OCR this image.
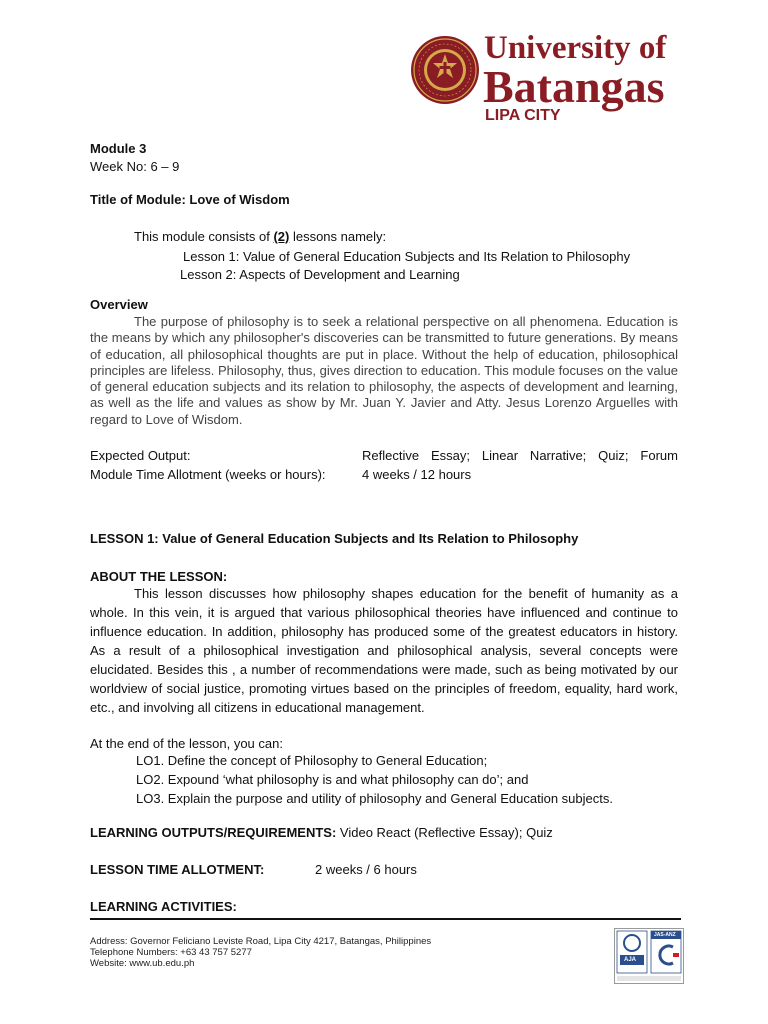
University of
Batangas
LIPA CITY
Module 3
Week No: 6 – 9
Title of Module: Love of Wisdom
This module consists of (2) lessons namely:
Lesson 1: Value of General Education Subjects and Its Relation to Philosophy
Lesson 2: Aspects of Development and Learning
Overview
The purpose of philosophy is to seek a relational perspective on all phenomena. Education is the means by which any philosopher's discoveries can be transmitted to future generations. By means of education, all philosophical thoughts are put in place. Without the help of education, philosophical principles are lifeless. Philosophy, thus, gives direction to education. This module focuses on the value of general education subjects and its relation to philosophy, the aspects of development and learning, as well as the life and values as show by Mr. Juan Y. Javier and Atty. Jesus Lorenzo Arguelles with regard to Love of Wisdom.
Expected Output:	Reflective Essay; Linear Narrative; Quiz; Forum
Module Time Allotment (weeks or hours):	4 weeks / 12 hours
LESSON 1: Value of General Education Subjects and Its Relation to Philosophy
ABOUT THE LESSON:
This lesson discusses how philosophy shapes education for the benefit of humanity as a whole. In this vein, it is argued that various philosophical theories have influenced and continue to influence education. In addition, philosophy has produced some of the greatest educators in history. As a result of a philosophical investigation and philosophical analysis, several concepts were elucidated. Besides this , a number of recommendations were made, such as being motivated by our worldview of social justice, promoting virtues based on the principles of freedom, equality, hard work, etc., and involving all citizens in educational management.
At the end of the lesson, you can:
LO1. Define the concept of Philosophy to General Education;
LO2. Expound ‘what philosophy is and what philosophy can do’; and
LO3. Explain the purpose and utility of philosophy and General Education subjects.
LEARNING OUTPUTS/REQUIREMENTS: Video React (Reflective Essay); Quiz
LESSON TIME ALLOTMENT:	2 weeks / 6 hours
LEARNING ACTIVITIES:
Address: Governor Feliciano Leviste Road, Lipa City 4217, Batangas, Philippines
Telephone Numbers: +63 43 757 5277
Website: www.ub.edu.ph	AJA
JAS-ANZ
